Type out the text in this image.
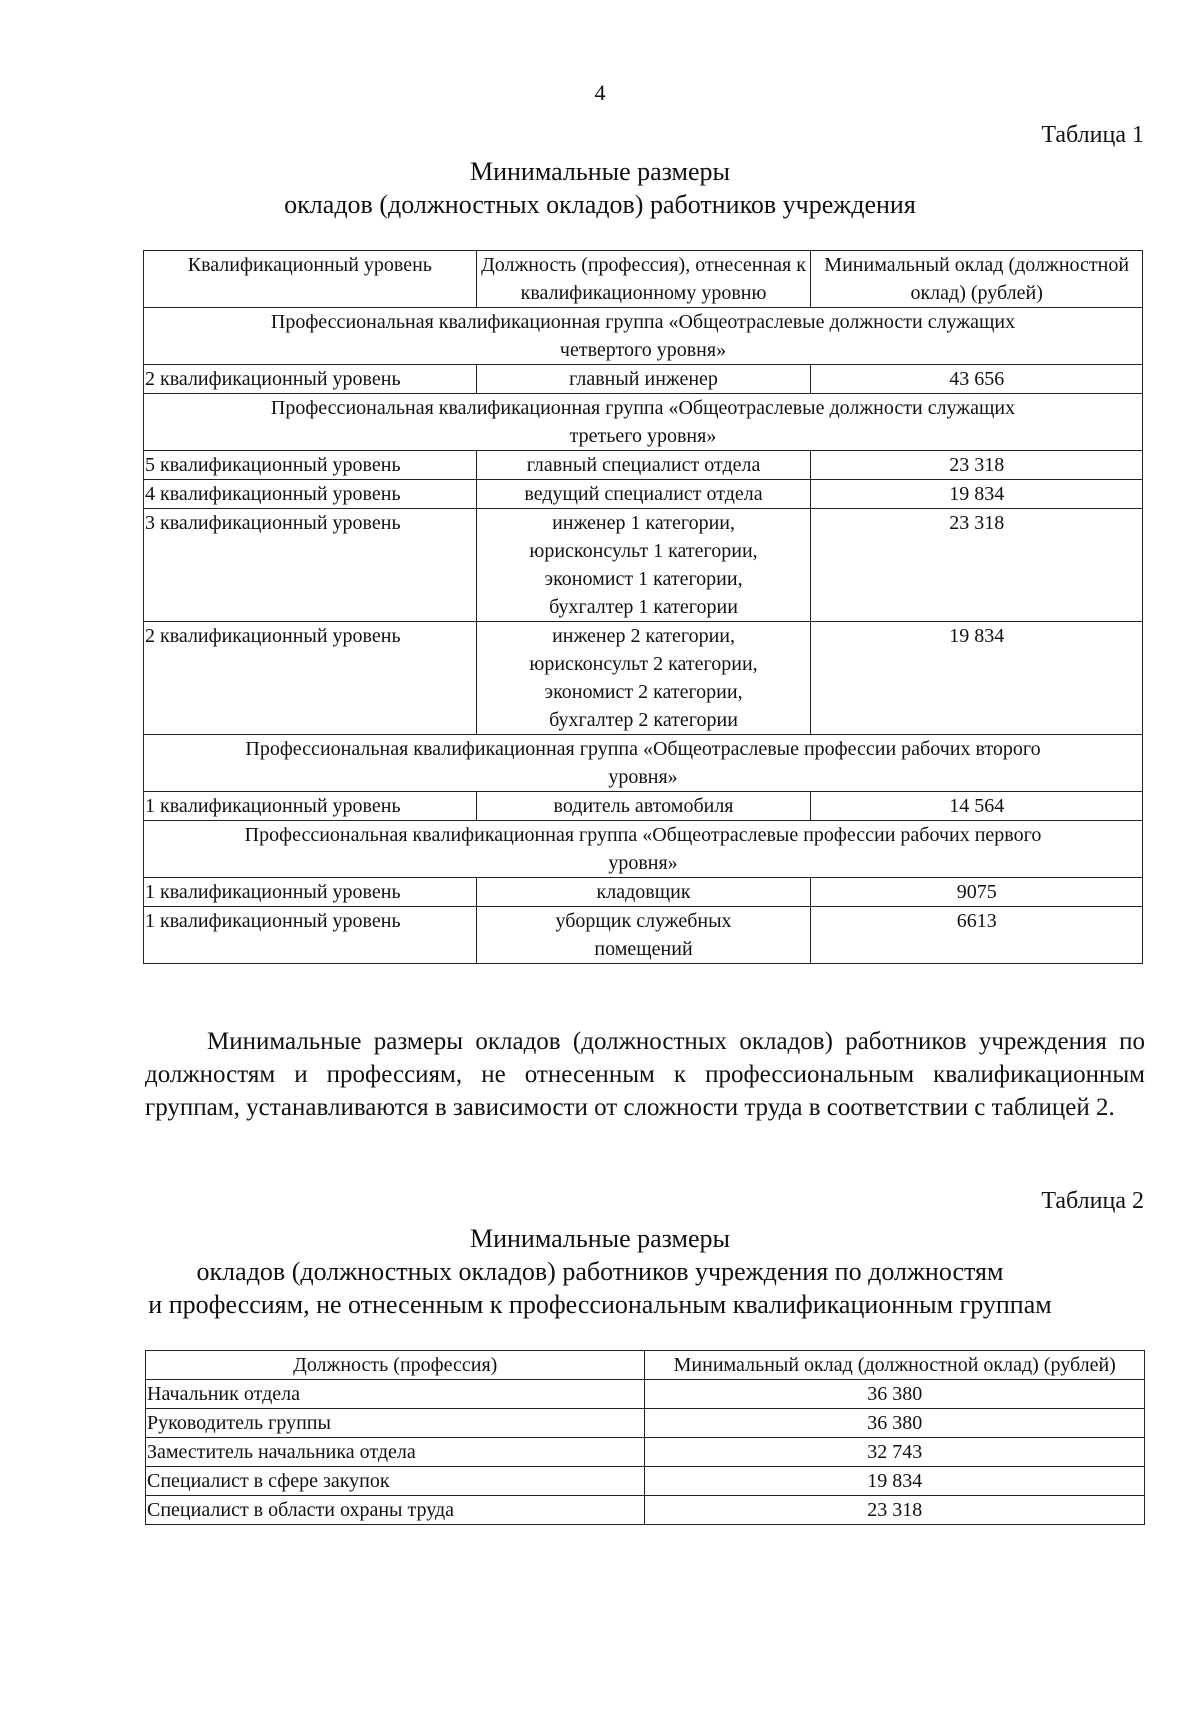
4
Таблица 1
Минимальные размеры
окладов (должностных окладов) работников учреждения
Квалификационный уровень	Должность (профессия), отнесенная к квалификационному уровню	Минимальный оклад (должностной оклад) (рублей)
Профессиональная квалификационная группа «Общеотраслевые должности служащих четвертого уровня»		
2 квалификационный уровень	главный инженер	43 656
Профессиональная квалификационная группа «Общеотраслевые должности служащих третьего уровня»		
5 квалификационный уровень	главный специалист отдела	23 318
4 квалификационный уровень	ведущий специалист отдела	19 834
3 квалификационный уровень	инженер 1 категории, юрисконсульт 1 категории, экономист 1 категории, бухгалтер 1 категории	23 318
2 квалификационный уровень	инженер 2 категории, юрисконсульт 2 категории, экономист 2 категории, бухгалтер 2 категории	19 834
Профессиональная квалификационная группа «Общеотраслевые профессии рабочих второго уровня»		
1 квалификационный уровень	водитель автомобиля	14 564
Профессиональная квалификационная группа «Общеотраслевые профессии рабочих первого уровня»		
1 квалификационный уровень	кладовщик	9075
1 квалификационный уровень	уборщик служебных помещений	6613
Минимальные размеры окладов (должностных окладов) работников учреждения по должностям и профессиям, не отнесенным к профессиональным квалификационным группам, устанавливаются в зависимости от сложности труда в соответствии с таблицей 2.
Таблица 2
Минимальные размеры
окладов (должностных окладов) работников учреждения по должностям
и профессиям, не отнесенным к профессиональным квалификационным группам
Должность (профессия)	Минимальный оклад (должностной оклад) (рублей)
Начальник отдела	36 380
Руководитель группы	36 380
Заместитель начальника отдела	32 743
Специалист в сфере закупок	19 834
Специалист в области охраны труда	23 318
